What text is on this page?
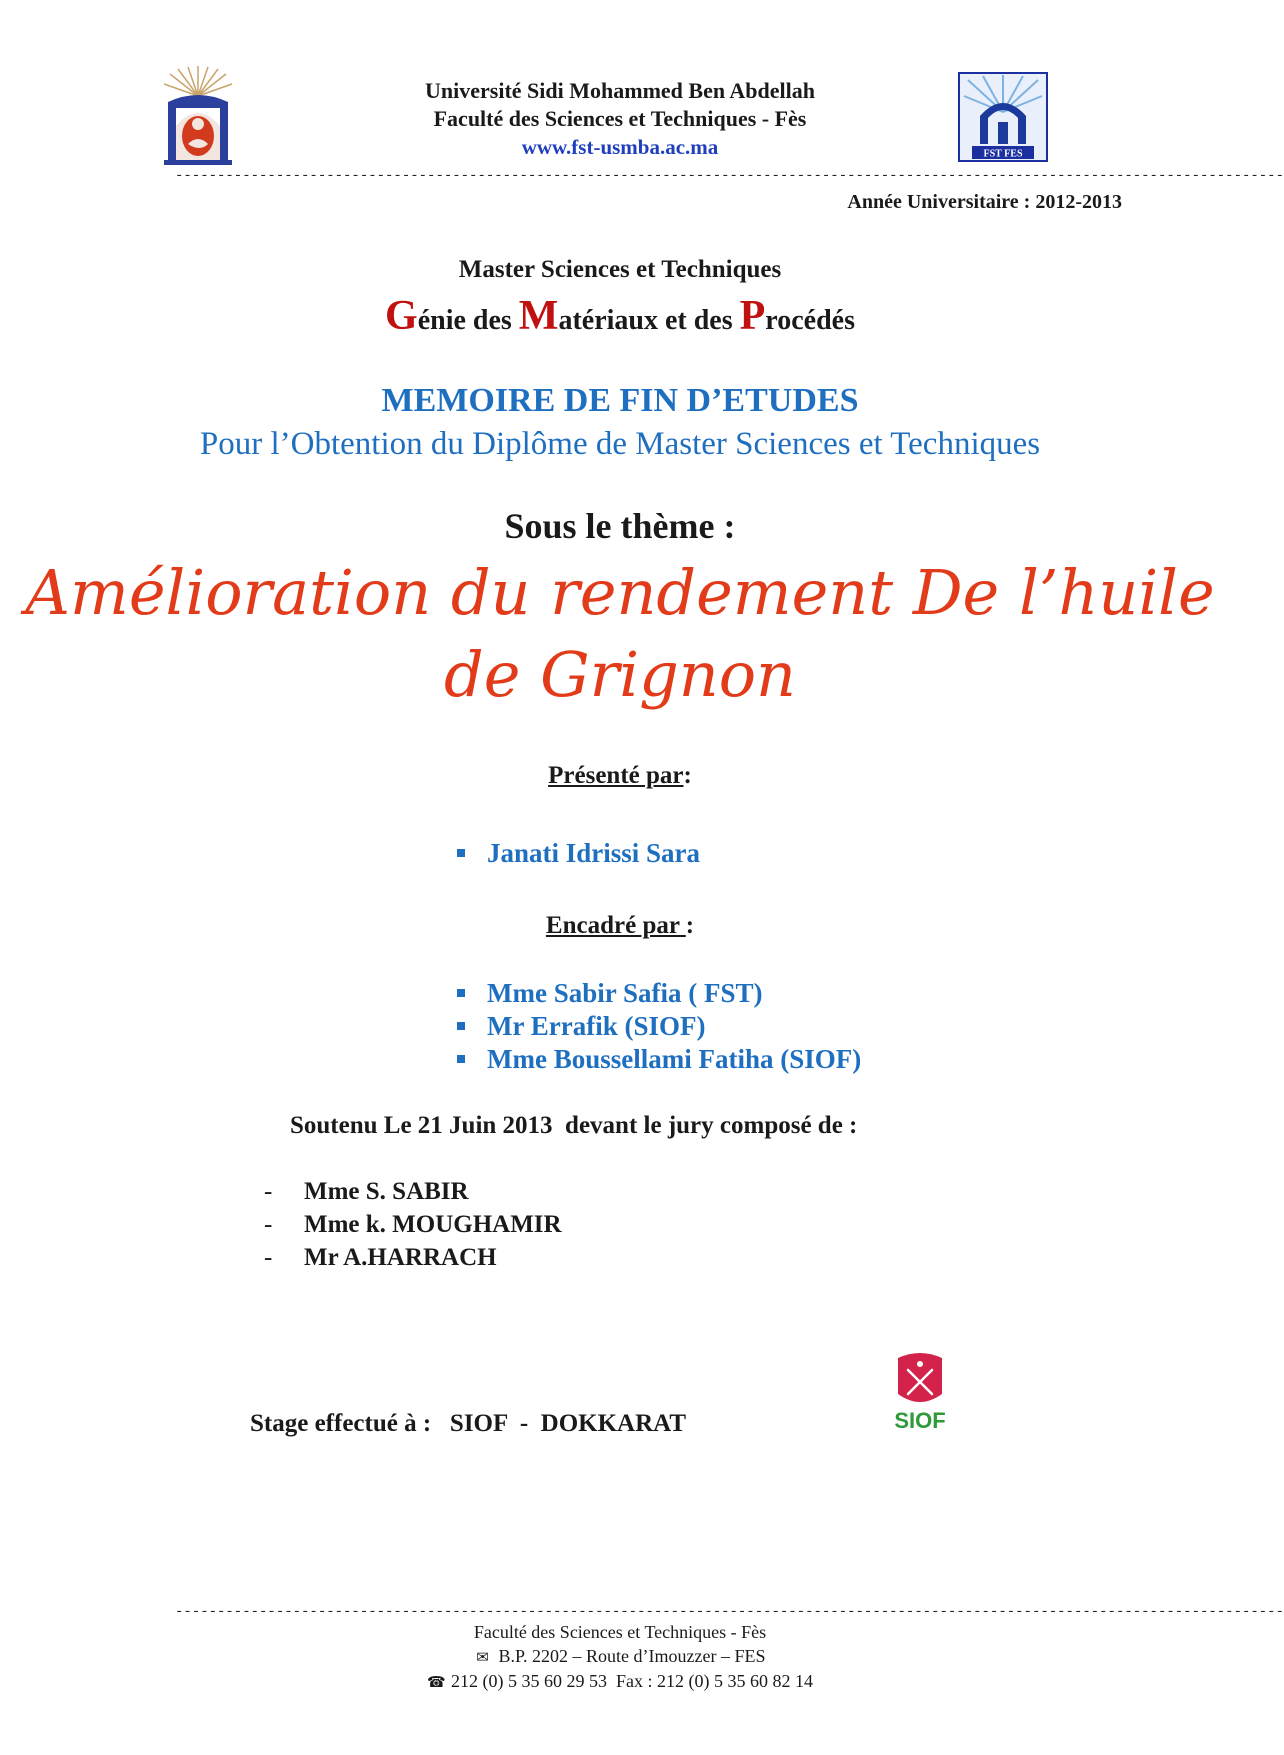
Université Sidi Mohammed Ben Abdellah
Faculté des Sciences et Techniques - Fès
www.fst-usmba.ac.ma	FST FES
------------------------------------------------------------------------------------------------------------------------------------
Année Universitaire : 2012-2013
Master Sciences et Techniques
Génie des Matériaux et des Procédés
MEMOIRE DE FIN D’ETUDES
Pour l’Obtention du Diplôme de Master Sciences et Techniques
Sous le thème :
Amélioration du rendement De l’huile
de Grignon
Présenté par:
Janati Idrissi Sara
Encadré par :
Mme Sabir Safia ( FST)
Mr Errafik (SIOF)
Mme Boussellami Fatiha (SIOF)
Soutenu Le 21 Juin 2013  devant le jury composé de :
- Mme S. SABIR
- Mme k. MOUGHAMIR
- Mr A.HARRACH
Stage effectué à :   SIOF  -  DOKKARAT	SIOF
------------------------------------------------------------------------------------------------------------------------------------
Faculté des Sciences et Techniques - Fès
✉ B.P. 2202 – Route d’Imouzzer – FES
☎ 212 (0) 5 35 60 29 53  Fax : 212 (0) 5 35 60 82 14
